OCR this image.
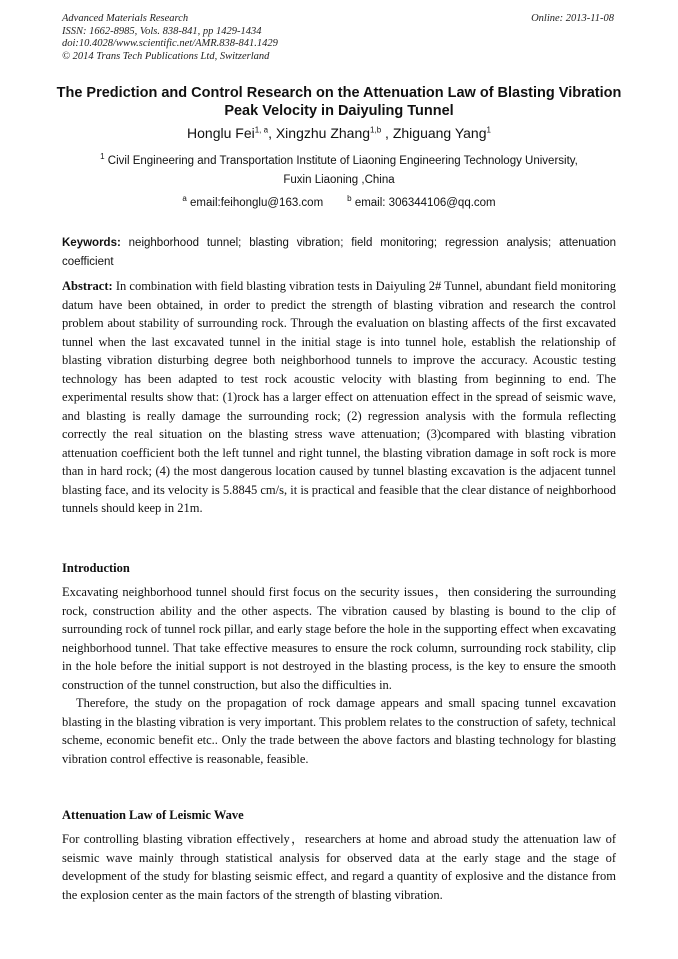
Advanced Materials Research
ISSN: 1662-8985, Vols. 838-841, pp 1429-1434
doi:10.4028/www.scientific.net/AMR.838-841.1429
© 2014 Trans Tech Publications Ltd, Switzerland
Online: 2013-11-08
The Prediction and Control Research on the Attenuation Law of Blasting Vibration Peak Velocity in Daiyuling Tunnel
Honglu Fei$^{1, a}$, Xingzhu Zhang$^{1,b}$ , Zhiguang Yang$^1$
$^1$ Civil Engineering and Transportation Institute of Liaoning Engineering Technology University,
Fuxin Liaoning ,China
$^a$ email:feihonglu@163.com	$^b$ email: 306344106@qq.com
Keywords: neighborhood tunnel; blasting vibration; field monitoring; regression analysis; attenuation coefficient
Abstract: In combination with field blasting vibration tests in Daiyuling 2# Tunnel, abundant field monitoring datum have been obtained, in order to predict the strength of blasting vibration and research the control problem about stability of surrounding rock. Through the evaluation on blasting affects of the first excavated tunnel when the last excavated tunnel in the initial stage is into tunnel hole, establish the relationship of blasting vibration disturbing degree both neighborhood tunnels to improve the accuracy. Acoustic testing technology has been adapted to test rock acoustic velocity with blasting from beginning to end. The experimental results show that: (1)rock has a larger effect on attenuation effect in the spread of seismic wave, and blasting is really damage the surrounding rock; (2) regression analysis with the formula reflecting correctly the real situation on the blasting stress wave attenuation; (3)compared with blasting vibration attenuation coefficient both the left tunnel and right tunnel, the blasting vibration damage in soft rock is more than in hard rock; (4) the most dangerous location caused by tunnel blasting excavation is the adjacent tunnel blasting face, and its velocity is 5.8845 cm/s, it is practical and feasible that the clear distance of neighborhood tunnels should keep in 21m.
Introduction
Excavating neighborhood tunnel should first focus on the security issues，then considering the surrounding rock, construction ability and the other aspects. The vibration caused by blasting is bound to the clip of surrounding rock of tunnel rock pillar, and early stage before the hole in the supporting effect when excavating neighborhood tunnel. That take effective measures to ensure the rock column, surrounding rock stability, clip in the hole before the initial support is not destroyed in the blasting process, is the key to ensure the smooth construction of the tunnel construction, but also the difficulties in.
Therefore, the study on the propagation of rock damage appears and small spacing tunnel excavation blasting in the blasting vibration is very important. This problem relates to the construction of safety, technical scheme, economic benefit etc.. Only the trade between the above factors and blasting technology for blasting vibration control effective is reasonable, feasible.
Attenuation Law of Leismic Wave
For controlling blasting vibration effectively，researchers at home and abroad study the attenuation law of seismic wave mainly through statistical analysis for observed data at the early stage and the stage of development of the study for blasting seismic effect, and regard a quantity of explosive and the distance from the explosion center as the main factors of the strength of blasting vibration.
